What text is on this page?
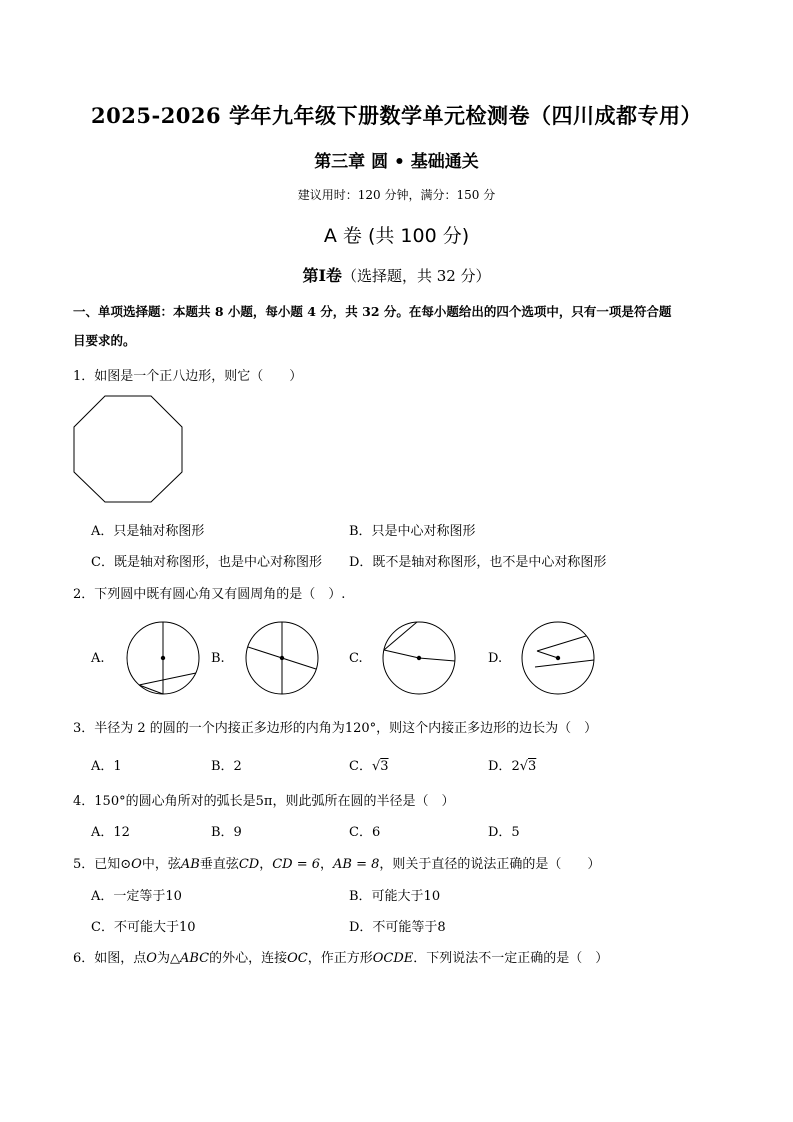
2025-2026 学年九年级下册数学单元检测卷（四川成都专用）
第三章 圆 • 基础通关
建议用时：120 分钟，满分：150 分
A 卷 (共 100 分)
第Ⅰ卷（选择题，共 32 分）
一、单项选择题：本题共 8 小题，每小题 4 分，共 32 分。在每小题给出的四个选项中，只有一项是符合题
目要求的。
1．如图是一个正八边形，则它（　　）
A．只是轴对称图形	B．只是中心对称图形
C．既是轴对称图形，也是中心对称图形 D．既不是轴对称图形，也不是中心对称图形
2．下列圆中既有圆心角又有圆周角的是（　）.
A.	B.	C.	D.
3．半径为 2 的圆的一个内接正多边形的内角为120°，则这个内接正多边形的边长为（　）
A．1	B．2	C．√3	D．2√3
4．150°的圆心角所对的弧长是5π，则此弧所在圆的半径是（　）
A．12	B．9	C．6	D．5
5．已知⊙O中，弦AB垂直弦CD，CD = 6，AB = 8，则关于直径的说法正确的是（　　）
A．一定等于10	B．可能大于10
C．不可能大于10	D．不可能等于8
6．如图，点O为△ABC的外心，连接OC，作正方形OCDE．下列说法不一定正确的是（　）
